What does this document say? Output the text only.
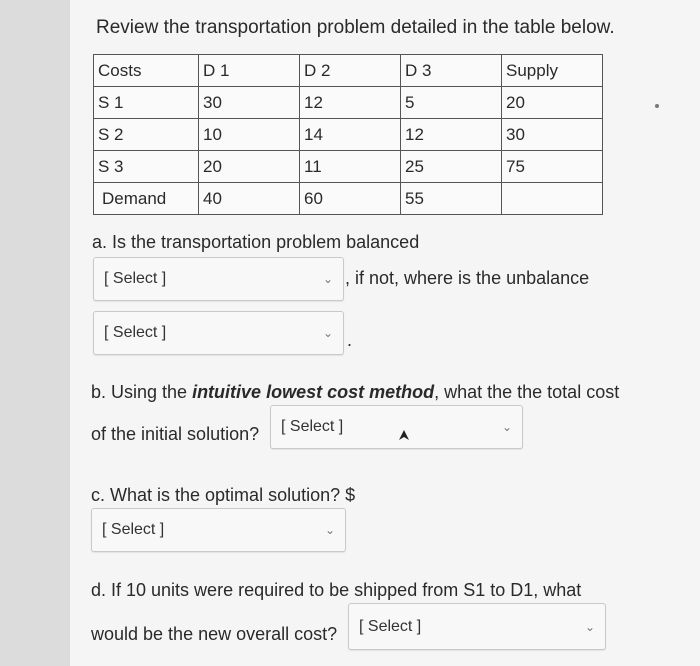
Review the transportation problem detailed in the table below.
Costs	D 1	D 2	D 3	Supply
S 1	30	12	5	20
S 2	10	14	12	30
S 3	20	11	25	75
Demand	40	60	55	
a. Is the transportation problem balanced
[ Select ]	⌄ , if not, where is the unbalance
[ Select ]	⌄ .
b. Using the intuitive lowest cost method, what the the total cost
of the initial solution? [ Select ]	⌄
c. What is the optimal solution? $
[ Select ]	⌄
d. If 10 units were required to be shipped from S1 to D1, what
would be the new overall cost? [ Select ]	⌄
